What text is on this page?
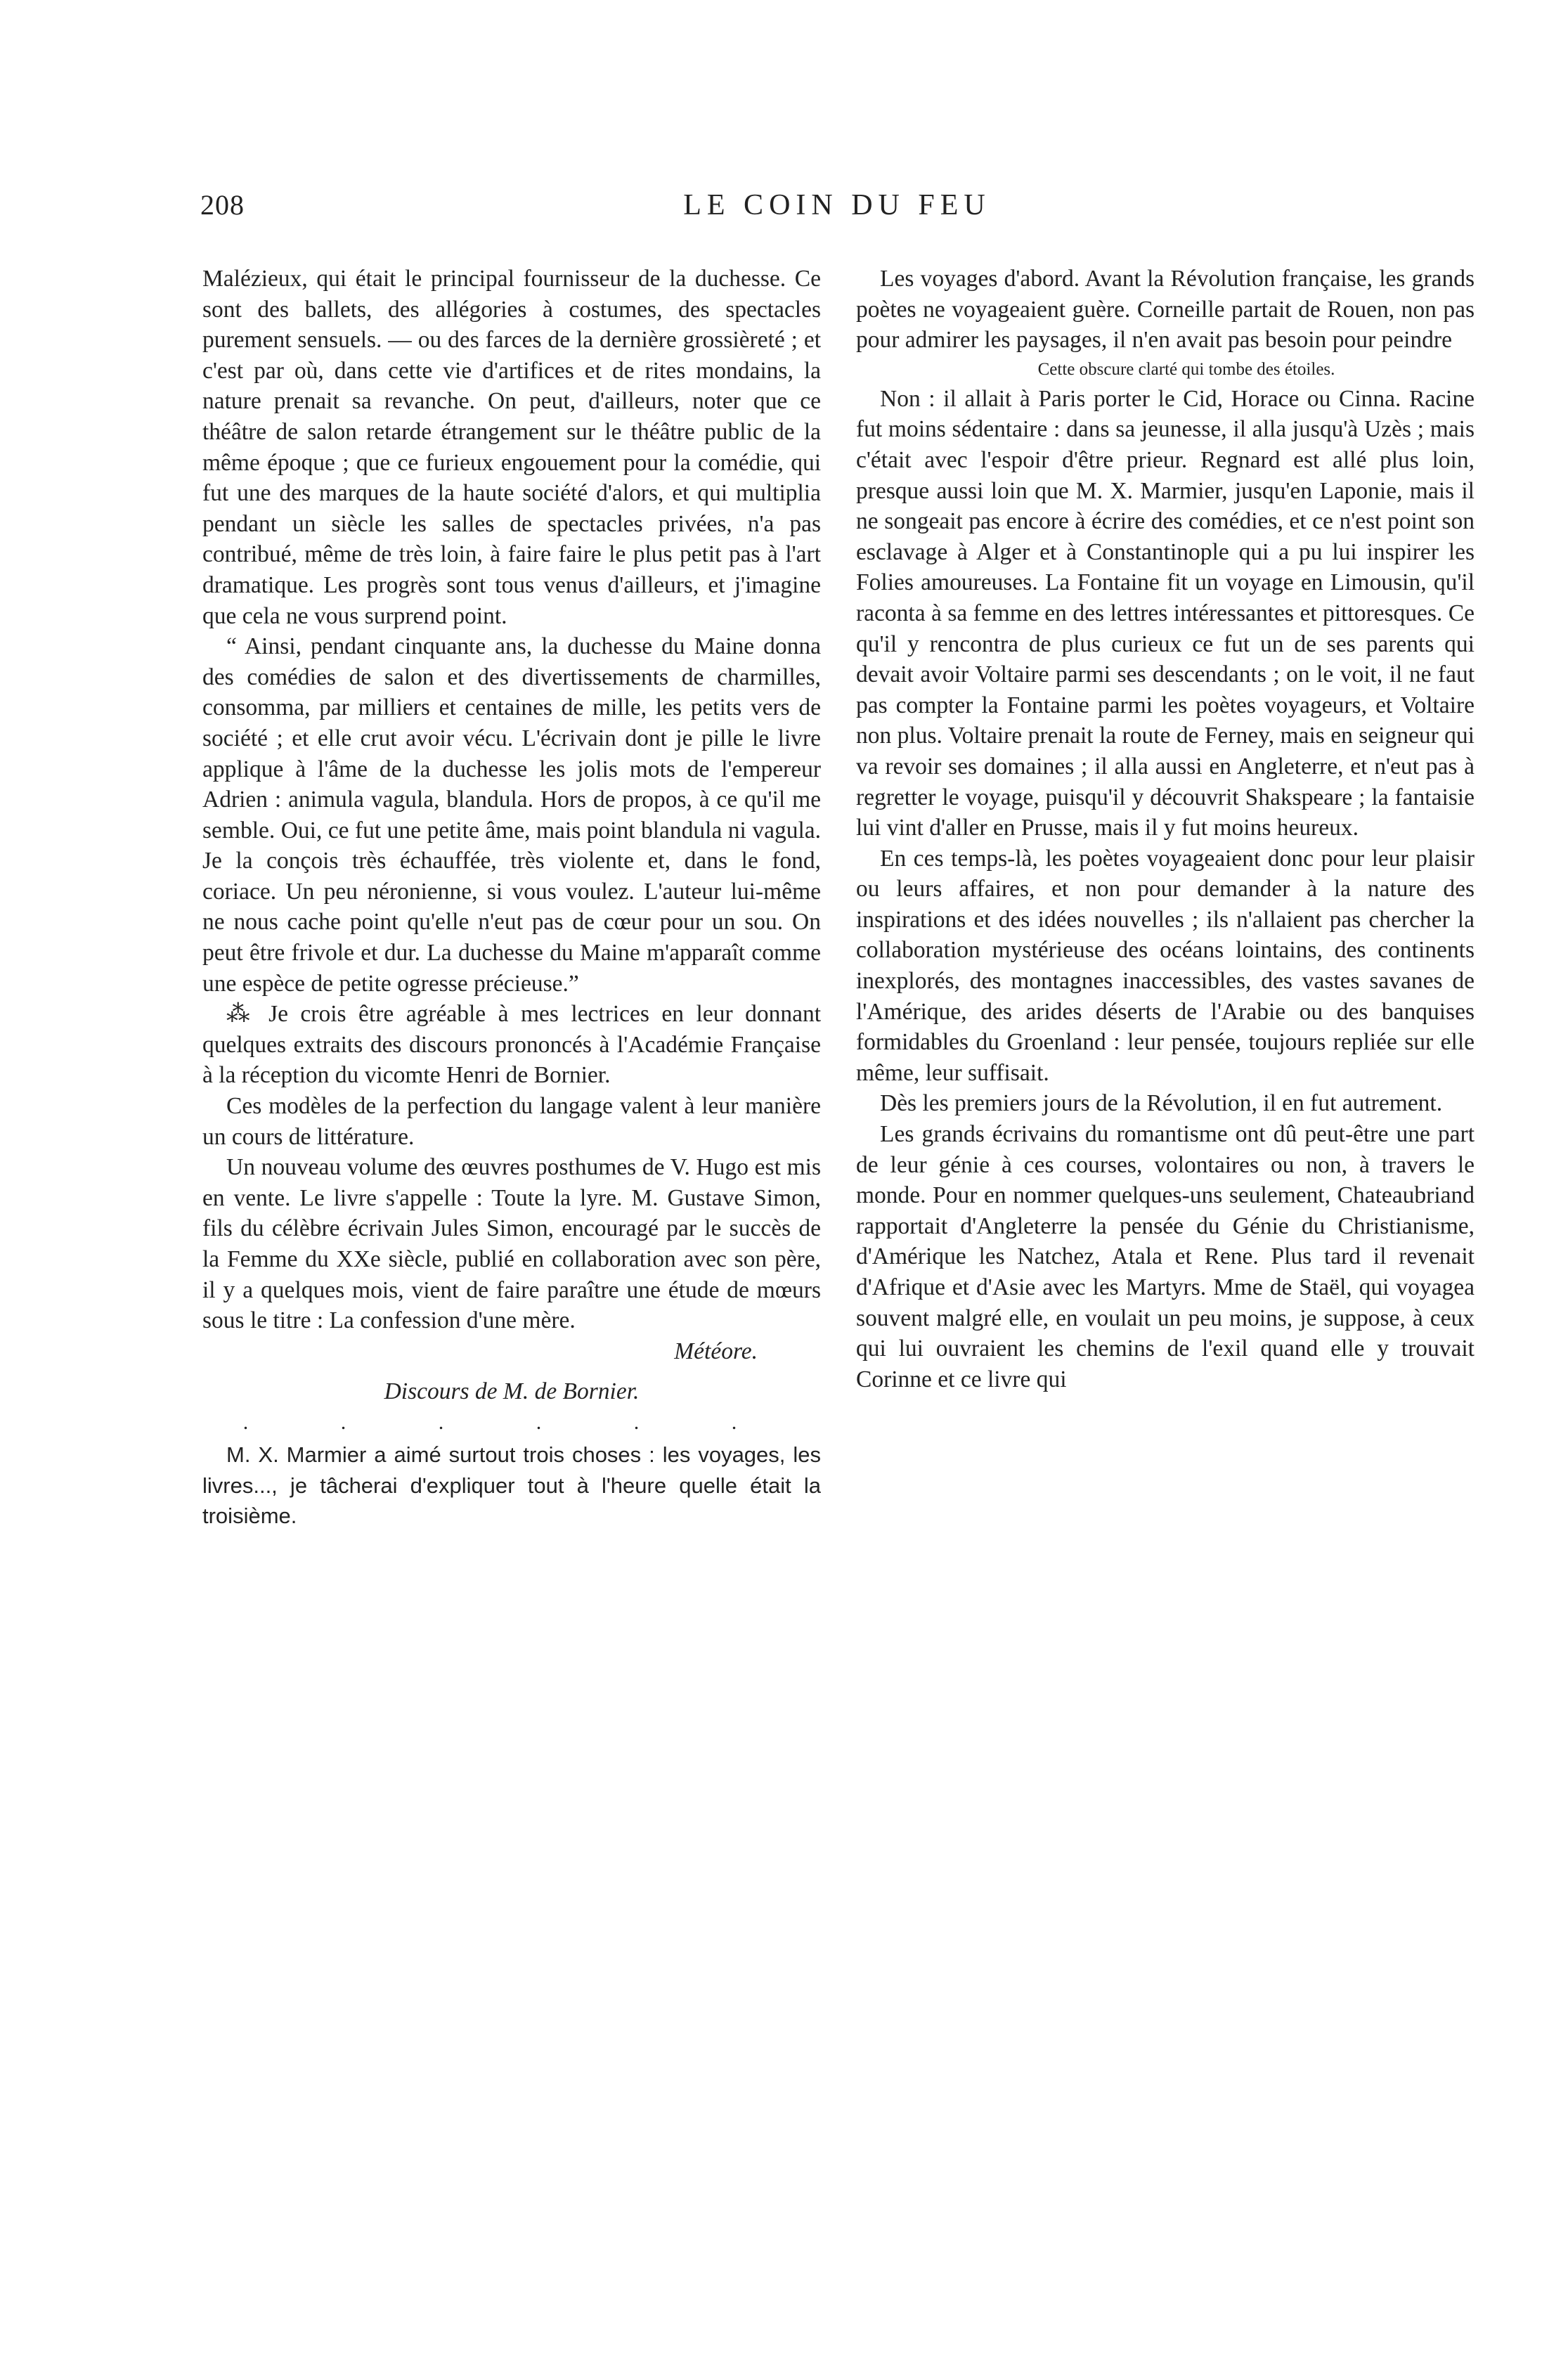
208	LE COIN DU FEU

Malézieux, qui était le principal fournisseur de la duchesse. Ce sont des ballets, des allégories à costumes, des spectacles purement sensuels. — ou des farces de la dernière grossièreté ; et c'est par où, dans cette vie d'artifices et de rites mondains, la nature prenait sa revanche. On peut, d'ailleurs, noter que ce théâtre de salon retarde étrangement sur le théâtre public de la même époque ; que ce furieux engouement pour la comédie, qui fut une des marques de la haute société d'alors, et qui multiplia pendant un siècle les salles de spectacles privées, n'a pas contribué, même de très loin, à faire faire le plus petit pas à l'art dramatique. Les progrès sont tous venus d'ailleurs, et j'imagine que cela ne vous surprend point.

“ Ainsi, pendant cinquante ans, la duchesse du Maine donna des comédies de salon et des divertissements de charmilles, consomma, par milliers et centaines de mille, les petits vers de société ; et elle crut avoir vécu. L'écrivain dont je pille le livre applique à l'âme de la duchesse les jolis mots de l'empereur Adrien : animula vagula, blandula. Hors de propos, à ce qu'il me semble. Oui, ce fut une petite âme, mais point blandula ni vagula. Je la conçois très échauffée, très violente et, dans le fond, coriace. Un peu néronienne, si vous voulez. L'auteur lui-même ne nous cache point qu'elle n'eut pas de cœur pour un sou. On peut être frivole et dur. La duchesse du Maine m'apparaît comme une espèce de petite ogresse précieuse.”

⁂ Je crois être agréable à mes lectrices en leur donnant quelques extraits des discours prononcés à l'Académie Française à la réception du vicomte Henri de Bornier.

Ces modèles de la perfection du langage valent à leur manière un cours de littérature.

Un nouveau volume des œuvres posthumes de V. Hugo est mis en vente. Le livre s'appelle : Toute la lyre. M. Gustave Simon, fils du célèbre écrivain Jules Simon, encouragé par le succès de la Femme du XXe siècle, publié en collaboration avec son père, il y a quelques mois, vient de faire paraître une étude de mœurs sous le titre : La confession d'une mère.

Météore.

Discours de M. de Bornier.

. . . . . .

M. X. Marmier a aimé surtout trois choses : les voyages, les livres..., je tâcherai d'expliquer tout à l'heure quelle était la troisième.

Les voyages d'abord. Avant la Révolution française, les grands poètes ne voyageaient guère. Corneille partait de Rouen, non pas pour admirer les paysages, il n'en avait pas besoin pour peindre

Cette obscure clarté qui tombe des étoiles.

Non : il allait à Paris porter le Cid, Horace ou Cinna. Racine fut moins sédentaire : dans sa jeunesse, il alla jusqu'à Uzès ; mais c'était avec l'espoir d'être prieur. Regnard est allé plus loin, presque aussi loin que M. X. Marmier, jusqu'en Laponie, mais il ne songeait pas encore à écrire des comédies, et ce n'est point son esclavage à Alger et à Constantinople qui a pu lui inspirer les Folies amoureuses. La Fontaine fit un voyage en Limousin, qu'il raconta à sa femme en des lettres intéressantes et pittoresques. Ce qu'il y rencontra de plus curieux ce fut un de ses parents qui devait avoir Voltaire parmi ses descendants ; on le voit, il ne faut pas compter la Fontaine parmi les poètes voyageurs, et Voltaire non plus. Voltaire prenait la route de Ferney, mais en seigneur qui va revoir ses domaines ; il alla aussi en Angleterre, et n'eut pas à regretter le voyage, puisqu'il y découvrit Shakspeare ; la fantaisie lui vint d'aller en Prusse, mais il y fut moins heureux.

En ces temps-là, les poètes voyageaient donc pour leur plaisir ou leurs affaires, et non pour demander à la nature des inspirations et des idées nouvelles ; ils n'allaient pas chercher la collaboration mystérieuse des océans lointains, des continents inexplorés, des montagnes inaccessibles, des vastes savanes de l'Amérique, des arides déserts de l'Arabie ou des banquises formidables du Groenland : leur pensée, toujours repliée sur elle même, leur suffisait.

Dès les premiers jours de la Révolution, il en fut autrement.

Les grands écrivains du romantisme ont dû peut-être une part de leur génie à ces courses, volontaires ou non, à travers le monde. Pour en nommer quelques-uns seulement, Chateaubriand rapportait d'Angleterre la pensée du Génie du Christianisme, d'Amérique les Natchez, Atala et Rene. Plus tard il revenait d'Afrique et d'Asie avec les Martyrs. Mme de Staël, qui voyagea souvent malgré elle, en voulait un peu moins, je suppose, à ceux qui lui ouvraient les chemins de l'exil quand elle y trouvait Corinne et ce livre qui
